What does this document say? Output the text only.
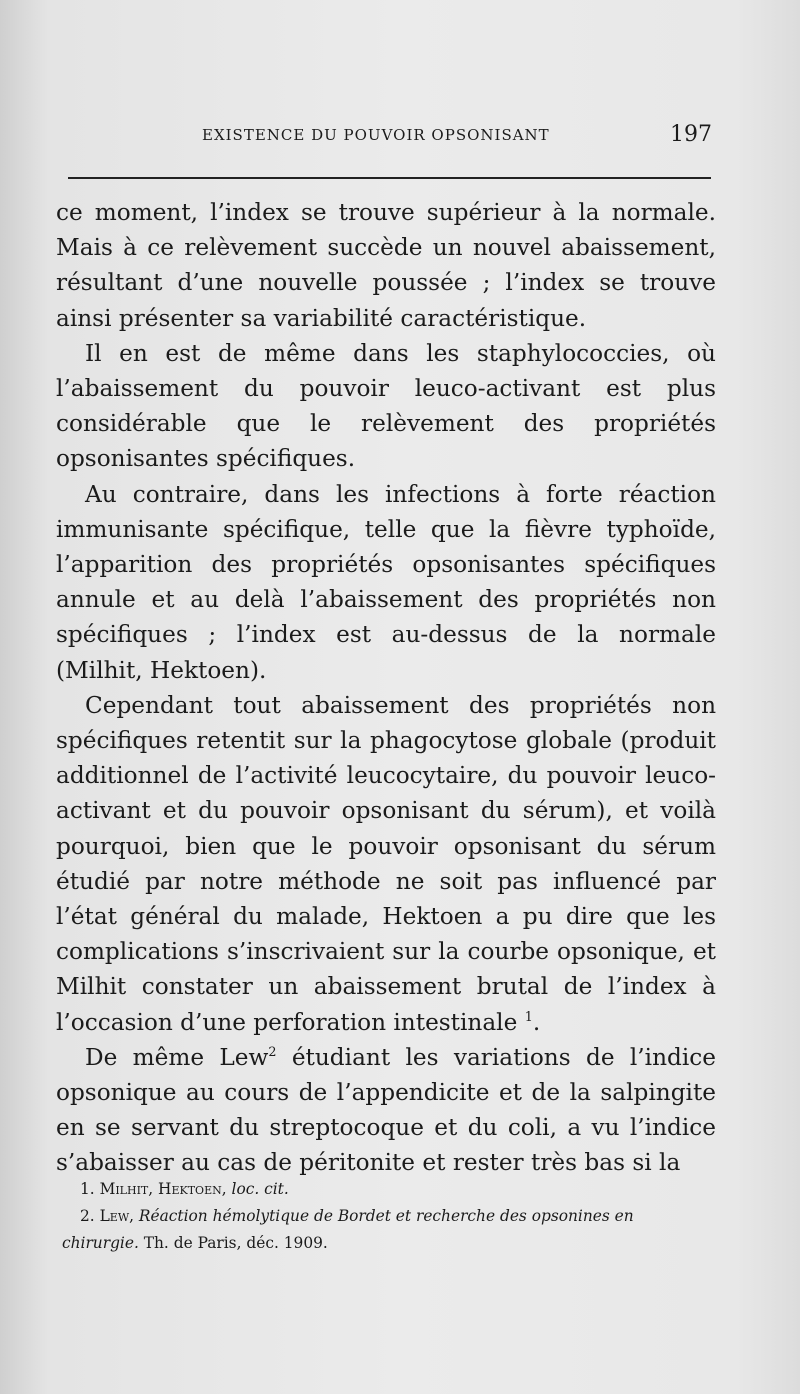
EXISTENCE DU POUVOIR OPSONISANT	197

ce moment, l’index se trouve supérieur à la normale. Mais à ce relèvement succède un nouvel abaissement, résultant d’une nouvelle poussée ; l’index se trouve ainsi présenter sa variabilité caractéristique.

Il en est de même dans les staphylococcies, où l’abaissement du pouvoir leuco-activant est plus considérable que le relèvement des propriétés opsonisantes spécifiques.

Au contraire, dans les infections à forte réaction immunisante spécifique, telle que la fièvre typhoïde, l’apparition des propriétés opsonisantes spécifiques annule et au delà l’abaissement des propriétés non spécifiques ; l’index est au-dessus de la normale (Milhit, Hektoen).

Cependant tout abaissement des propriétés non spécifiques retentit sur la phagocytose globale (produit additionnel de l’activité leucocytaire, du pouvoir leuco-activant et du pouvoir opsonisant du sérum), et voilà pourquoi, bien que le pouvoir opsonisant du sérum étudié par notre méthode ne soit pas influencé par l’état général du malade, Hektoen a pu dire que les complications s’inscrivaient sur la courbe opsonique, et Milhit constater un abaissement brutal de l’index à l’occasion d’une perforation intestinale $^1$.

De même Lew$^2$ étudiant les variations de l’indice opsonique au cours de l’appendicite et de la salpingite en se servant du streptocoque et du coli, a vu l’indice s’abaisser au cas de péritonite et rester très bas si la

1. Milhit, Hektoen, loc. cit.

2. Lew, Réaction hémolytique de Bordet et recherche des opsonines en chirurgie. Th. de Paris, déc. 1909.
